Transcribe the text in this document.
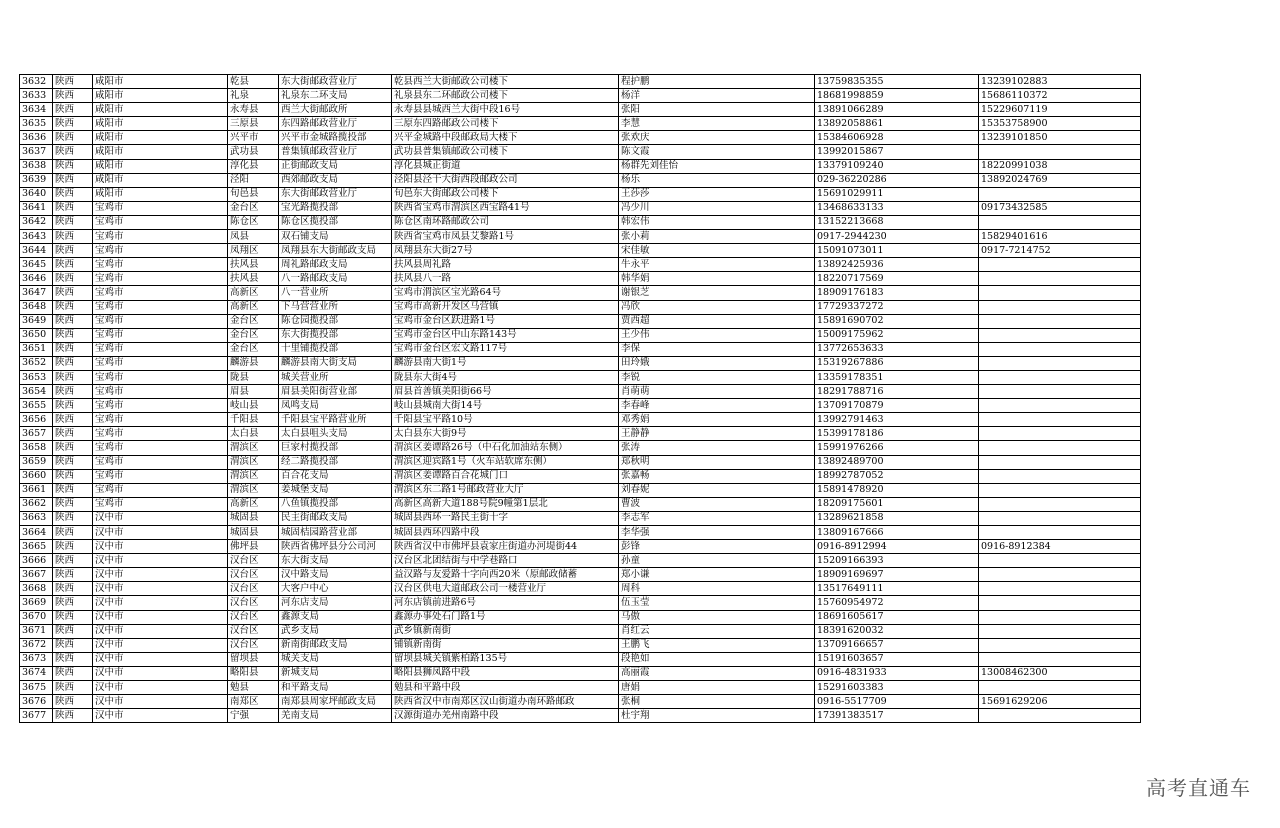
3632	陕西	咸阳市	乾县	东大街邮政营业厅	乾县西兰大街邮政公司楼下	程护鹏	13759835355	13239102883
3633	陕西	咸阳市	礼泉	礼泉东二环支局	礼泉县东二环邮政公司楼下	杨洋	18681998859	15686110372
3634	陕西	咸阳市	永寿县	西兰大街邮政所	永寿县县城西兰大街中段16号	张阳	13891066289	15229607119
3635	陕西	咸阳市	三原县	东四路邮政营业厅	三原东四路邮政公司楼下	李慧	13892058861	15353758900
3636	陕西	咸阳市	兴平市	兴平市金城路揽投部	兴平金城路中段邮政局大楼下	张欢庆	15384606928	13239101850
3637	陕西	咸阳市	武功县	普集镇邮政营业厅	武功县普集镇邮政公司楼下	陈文霞	13992015867	
3638	陕西	咸阳市	淳化县	正街邮政支局	淳化县城正街道	杨群先刘佳怡	13379109240	18220991038
3639	陕西	咸阳市	泾阳	西郊邮政支局	泾阳县泾干大街西段邮政公司	杨乐	029-36220286	13892024769
3640	陕西	咸阳市	旬邑县	东大街邮政营业厅	旬邑东大街邮政公司楼下	王莎莎	15691029911	
3641	陕西	宝鸡市	金台区	宝光路揽投部	陕西省宝鸡市渭滨区西宝路41号	冯少川	13468633133	09173432585
3642	陕西	宝鸡市	陈仓区	陈仓区揽投部	陈仓区南环路邮政公司	韩宏伟	13152213668	
3643	陕西	宝鸡市	凤县	双石铺支局	陕西省宝鸡市凤县艾黎路1号	张小莉	0917-2944230	15829401616
3644	陕西	宝鸡市	凤翔区	凤翔县东大街邮政支局	凤翔县东大街27号	宋佳敏	15091073011	0917-7214752
3645	陕西	宝鸡市	扶风县	周礼路邮政支局	扶风县周礼路	牛永平	13892425936	
3646	陕西	宝鸡市	扶风县	八一路邮政支局	扶风县八一路	韩华娟	18220717569	
3647	陕西	宝鸡市	高新区	八一营业所	宝鸡市渭滨区宝光路64号	谢银芝	18909176183	
3648	陕西	宝鸡市	高新区	下马营营业所	宝鸡市高新开发区马营镇	冯欣	17729337272	
3649	陕西	宝鸡市	金台区	陈仓园揽投部	宝鸡市金台区跃进路1号	贾西超	15891690702	
3650	陕西	宝鸡市	金台区	东大街揽投部	宝鸡市金台区中山东路143号	王少伟	15009175962	
3651	陕西	宝鸡市	金台区	十里铺揽投部	宝鸡市金台区宏文路117号	李保	13772653633	
3652	陕西	宝鸡市	麟游县	麟游县南大街支局	麟游县南大街1号	田玲娥	15319267886	
3653	陕西	宝鸡市	陇县	城关营业所	陇县东大街4号	李锐	13359178351	
3654	陕西	宝鸡市	眉县	眉县美阳街营业部	眉县首善镇美阳街66号	肖萌萌	18291788716	
3655	陕西	宝鸡市	岐山县	凤鸣支局	岐山县城南大街14号	李春峰	13709170879	
3656	陕西	宝鸡市	千阳县	千阳县宝平路营业所	千阳县宝平路10号	邓秀娟	13992791463	
3657	陕西	宝鸡市	太白县	太白县咀头支局	太白县东大街9号	王静静	15399178186	
3658	陕西	宝鸡市	渭滨区	巨家村揽投部	渭滨区姜谭路26号（中石化加油站东侧）	张涛	15991976266	
3659	陕西	宝鸡市	渭滨区	经二路揽投部	渭滨区迎宾路1号（火车站软席东侧）	郑秋明	13892489700	
3660	陕西	宝鸡市	渭滨区	百合花支局	渭滨区姜谭路百合花城门口	张嘉畅	18992787052	
3661	陕西	宝鸡市	渭滨区	姜城堡支局	渭滨区东二路1号邮政营业大厅	刘春妮	15891478920	
3662	陕西	宝鸡市	高新区	八鱼镇揽投部	高新区高新大道188号院9幢第1层北	曹波	18209175601	
3663	陕西	汉中市	城固县	民主街邮政支局	城固县西环一路民主街十字	李志军	13289621858	
3664	陕西	汉中市	城固县	城固桔园路营业部	城固县西环四路中段	李华强	13809167666	
3665	陕西	汉中市	佛坪县	陕西省佛坪县分公司河	陕西省汉中市佛坪县袁家庄街道办河堤街44	彭锋	0916-8912994	0916-8912384
3666	陕西	汉中市	汉台区	东大街支局	汉台区北团结街与中学巷路口	孙童	15209166393	
3667	陕西	汉中市	汉台区	汉中路支局	益汉路与友爱路十字向西20米（原邮政储蓄	郑小谦	18909169697	
3668	陕西	汉中市	汉台区	大客户中心	汉台区供电大道邮政公司一楼营业厅	周科	13517649111	
3669	陕西	汉中市	汉台区	河东店支局	河东店镇前进路6号	伍玉莹	15760954972	
3670	陕西	汉中市	汉台区	鑫源支局	鑫源办事处石门路1号	马傲	18691605617	
3671	陕西	汉中市	汉台区	武乡支局	武乡镇新南街	肖红云	18391620032	
3672	陕西	汉中市	汉台区	新南街邮政支局	铺镇新南街	王鹏飞	13709166657	
3673	陕西	汉中市	留坝县	城关支局	留坝县城关镇紫柏路135号	段艳如	15191603657	
3674	陕西	汉中市	略阳县	新城支局	略阳县狮凤路中段	高丽霞	0916-4831933	13008462300
3675	陕西	汉中市	勉县	和平路支局	勉县和平路中段	唐娟	15291603383	
3676	陕西	汉中市	南郑区	南郑县周家坪邮政支局	陕西省汉中市南郑区汉山街道办南环路邮政	张桐	0916-5517709	15691629206
3677	陕西	汉中市	宁强	羌南支局	汉源街道办羌州南路中段	杜宇翔	17391383517	
高考直通车
